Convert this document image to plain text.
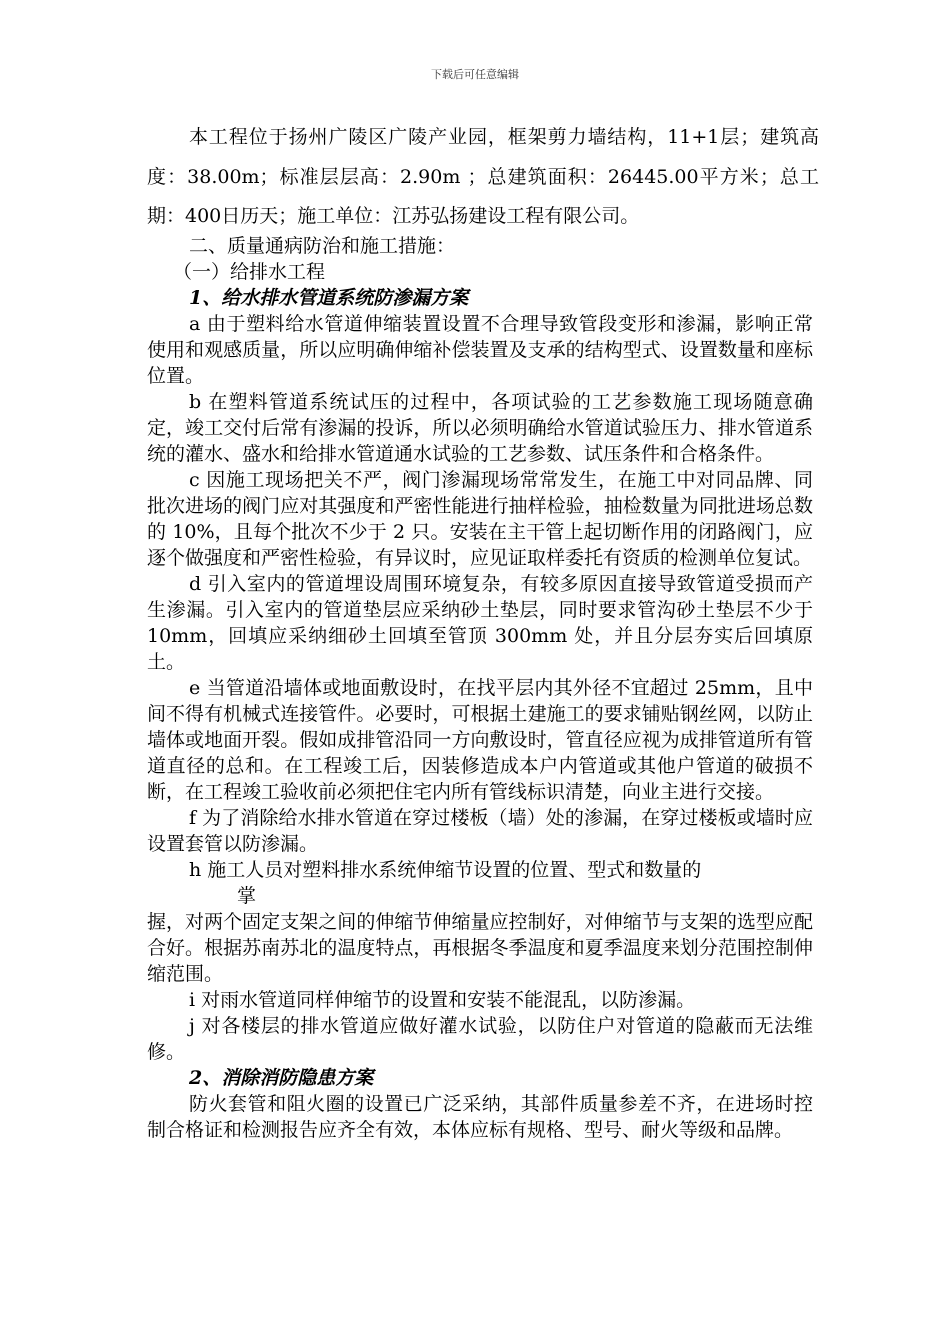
下载后可任意编辑

本工程位于扬州广陵区广陵产业园，框架剪力墙结构，11+1层；建筑高度：38.00m；标准层层高：2.90m ；总建筑面积：26445.00平方米；总工期：400日历天；施工单位：江苏弘扬建设工程有限公司。

二、质量通病防治和施工措施：

（一）给排水工程

1、给水排水管道系统防渗漏方案

a 由于塑料给水管道伸缩装置设置不合理导致管段变形和渗漏，影响正常使用和观感质量，所以应明确伸缩补偿装置及支承的结构型式、设置数量和座标位置。

b 在塑料管道系统试压的过程中，各项试验的工艺参数施工现场随意确定，竣工交付后常有渗漏的投诉，所以必须明确给水管道试验压力、排水管道系统的灌水、盛水和给排水管道通水试验的工艺参数、试压条件和合格条件。

c 因施工现场把关不严，阀门渗漏现场常常发生，在施工中对同品牌、同批次进场的阀门应对其强度和严密性能进行抽样检验，抽检数量为同批进场总数的 10%，且每个批次不少于 2 只。安装在主干管上起切断作用的闭路阀门，应逐个做强度和严密性检验，有异议时，应见证取样委托有资质的检测单位复试。

d 引入室内的管道埋设周围环境复杂，有较多原因直接导致管道受损而产生渗漏。引入室内的管道垫层应采纳砂土垫层，同时要求管沟砂土垫层不少于 10mm，回填应采纳细砂土回填至管顶 300mm 处，并且分层夯实后回填原土。

e 当管道沿墙体或地面敷设时，在找平层内其外径不宜超过 25mm，且中间不得有机械式连接管件。必要时，可根据土建施工的要求铺贴钢丝网，以防止墙体或地面开裂。假如成排管沿同一方向敷设时，管直径应视为成排管道所有管道直径的总和。在工程竣工后，因装修造成本户内管道或其他户管道的破损不断，在工程竣工验收前必须把住宅内所有管线标识清楚，向业主进行交接。

f 为了消除给水排水管道在穿过楼板（墙）处的渗漏，在穿过楼板或墙时应设置套管以防渗漏。

h 施工人员对塑料排水系统伸缩节设置的位置、型式和数量的

掌

握，对两个固定支架之间的伸缩节伸缩量应控制好，对伸缩节与支架的选型应配合好。根据苏南苏北的温度特点，再根据冬季温度和夏季温度来划分范围控制伸缩范围。

i 对雨水管道同样伸缩节的设置和安装不能混乱，以防渗漏。

j 对各楼层的排水管道应做好灌水试验，以防住户对管道的隐蔽而无法维修。

2、消除消防隐患方案

防火套管和阻火圈的设置已广泛采纳，其部件质量参差不齐，在进场时控制合格证和检测报告应齐全有效，本体应标有规格、型号、耐火等级和品牌。
